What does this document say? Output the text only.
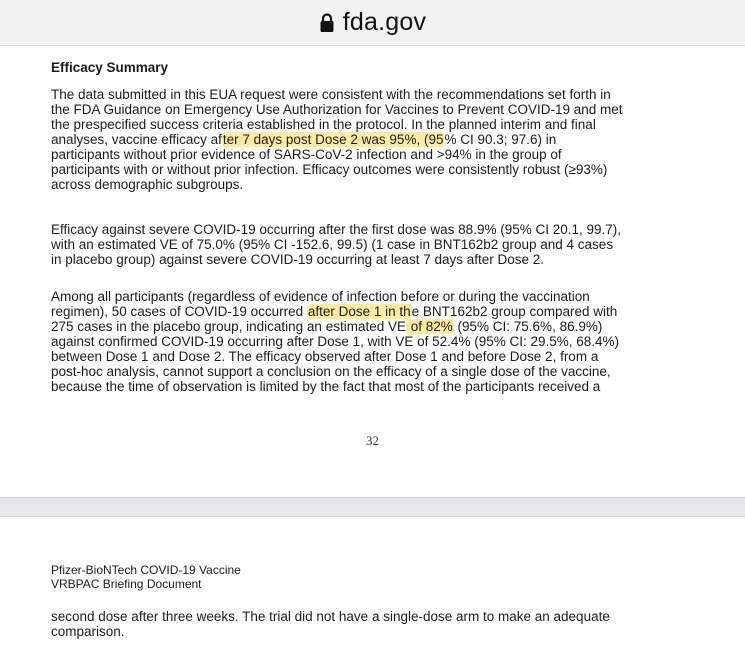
fda.gov
Efficacy Summary
The data submitted in this EUA request were consistent with the recommendations set forth in
the FDA Guidance on Emergency Use Authorization for Vaccines to Prevent COVID-19 and met
the prespecified success criteria established in the protocol. In the planned interim and final
analyses, vaccine efficacy after 7 days post Dose 2 was 95%, (95% CI 90.3; 97.6) in
participants without prior evidence of SARS-CoV-2 infection and >94% in the group of
participants with or without prior infection. Efficacy outcomes were consistently robust (≥93%)
across demographic subgroups.
Efficacy against severe COVID-19 occurring after the first dose was 88.9% (95% CI 20.1, 99.7),
with an estimated VE of 75.0% (95% CI -152.6, 99.5) (1 case in BNT162b2 group and 4 cases
in placebo group) against severe COVID-19 occurring at least 7 days after Dose 2.
Among all participants (regardless of evidence of infection before or during the vaccination
regimen), 50 cases of COVID-19 occurred after Dose 1 in the BNT162b2 group compared with
275 cases in the placebo group, indicating an estimated VE of 82% (95% CI: 75.6%, 86.9%)
against confirmed COVID-19 occurring after Dose 1, with VE of 52.4% (95% CI: 29.5%, 68.4%)
between Dose 1 and Dose 2. The efficacy observed after Dose 1 and before Dose 2, from a
post-hoc analysis, cannot support a conclusion on the efficacy of a single dose of the vaccine,
because the time of observation is limited by the fact that most of the participants received a
32
Pfizer-BioNTech COVID-19 Vaccine
VRBPAC Briefing Document
second dose after three weeks. The trial did not have a single-dose arm to make an adequate
comparison.
